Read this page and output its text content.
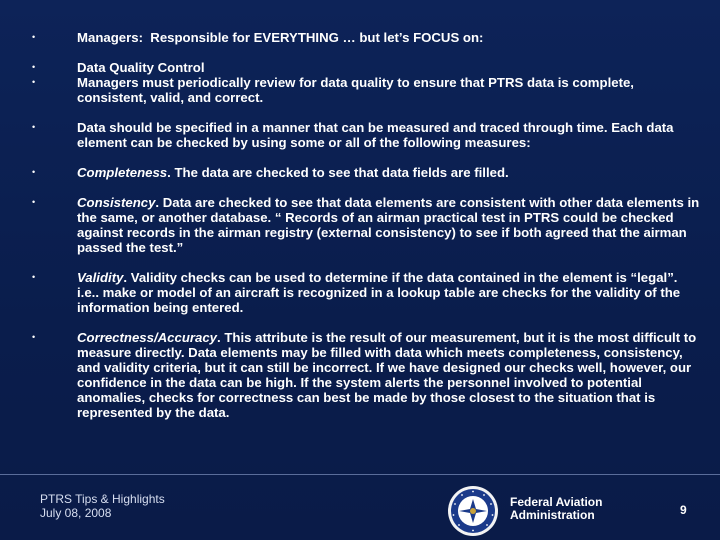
•	Managers:  Responsible for EVERYTHING … but let’s FOCUS on:
•	Data Quality Control
•	Managers must periodically review for data quality to ensure that PTRS data is complete, consistent, valid, and correct.
•	Data should be specified in a manner that can be measured and traced through time. Each data element can be checked by using some or all of the following measures:
•	Completeness. The data are checked to see that data fields are filled.
•	Consistency. Data are checked to see that data elements are consistent with other data elements in the same, or another database. “ Records of an airman practical test in PTRS could be checked against records in the airman registry (external consistency) to see if both agreed that the airman passed the test.”
•	Validity. Validity checks can be used to determine if the data contained in the element is “legal”. i.e.. make or model of an aircraft is recognized in a lookup table are checks for the validity of the information being entered.
•	Correctness/Accuracy. This attribute is the result of our measurement, but it is the most difficult to measure directly. Data elements may be filled with data which meets completeness, consistency, and validity criteria, but it can still be incorrect. If we have designed our checks well, however, our confidence in the data can be high. If the system alerts the personnel involved to potential anomalies, checks for correctness can best be made by those closest to the situation that is represented by the data.
PTRS Tips & Highlights
July 08, 2008
Federal Aviation
Administration	9
